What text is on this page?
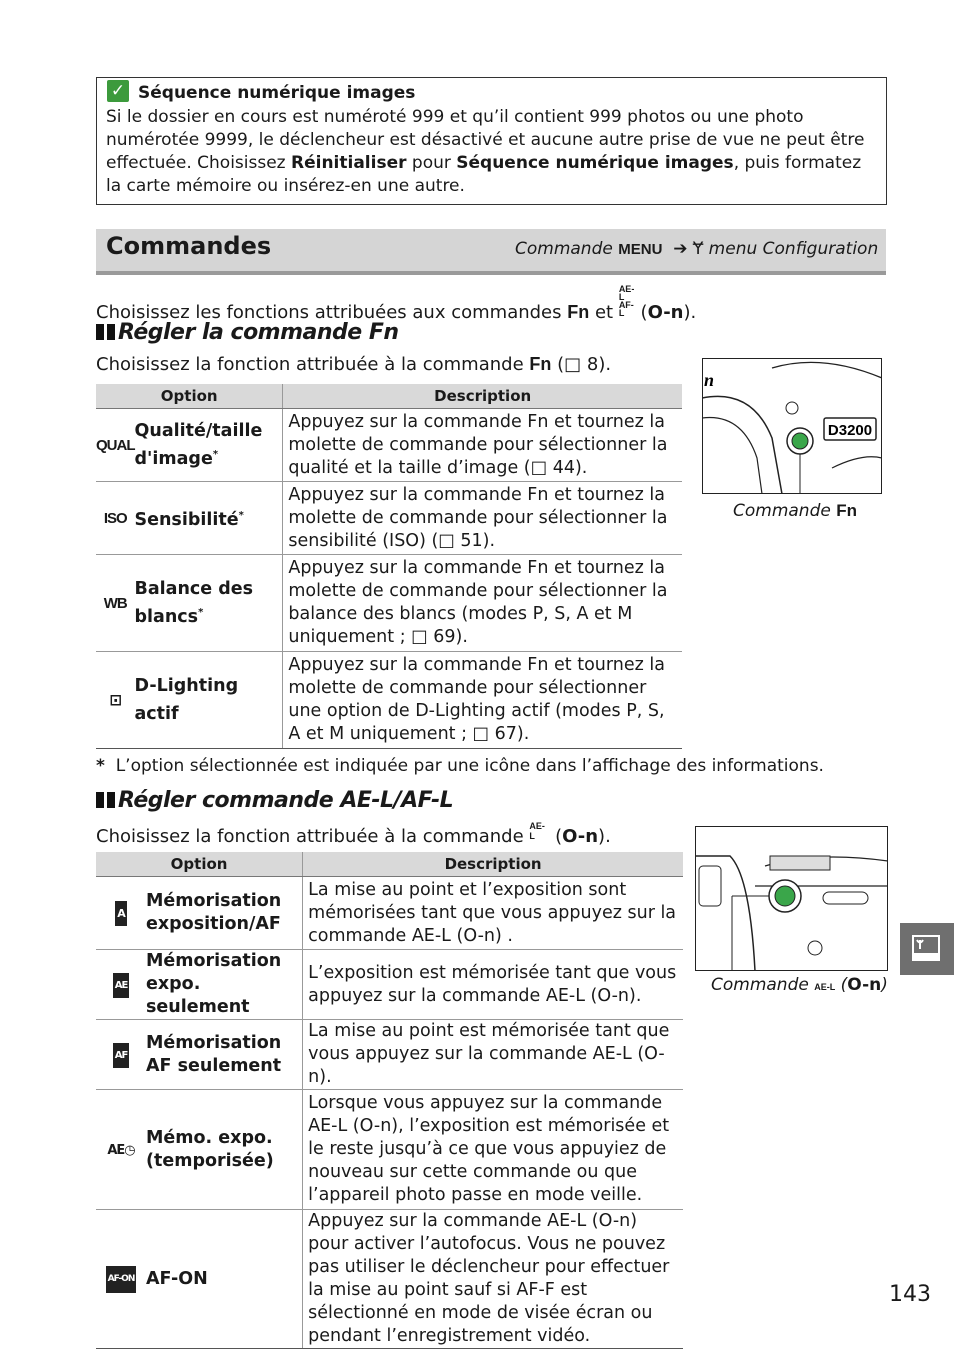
✓ Séquence numérique images
Si le dossier en cours est numéroté 999 et qu’il contient 999 photos ou une photo numérotée 9999, le déclencheur est désactivé et aucune autre prise de vue ne peut être effectuée. Choisissez Réinitialiser pour Séquence numérique images, puis formatez la carte mémoire ou insérez-en une autre.
Commandes	Commande MENU ➔ Ɏ menu Configuration
Choisissez les fonctions attribuées aux commandes Fn et AE-L AF-L (O-n).
Régler la commande Fn
Choisissez la fonction attribuée à la commande Fn (□ 8).
Option		Description
QUAL	Qualité/taille d'image*	Appuyez sur la commande Fn et tournez la molette de commande pour sélectionner la qualité et la taille d’image (□ 44).
ISO	Sensibilité*	Appuyez sur la commande Fn et tournez la molette de commande pour sélectionner la sensibilité (ISO) (□ 51).
WB	Balance des blancs*	Appuyez sur la commande Fn et tournez la molette de commande pour sélectionner la balance des blancs (modes P, S, A et M uniquement ; □ 69).
⊡	D-Lighting actif	Appuyez sur la commande Fn et tournez la molette de commande pour sélectionner une option de D-Lighting actif (modes P, S, A et M uniquement ; □ 67).
* L’option sélectionnée est indiquée par une icône dans l’affichage des informations.
D3200
n
Commande Fn
Régler commande AE-L/AF-L
Choisissez la fonction attribuée à la commande AE-L (O-n).
Option		Description
A	Mémorisation exposition/AF	La mise au point et l’exposition sont mémorisées tant que vous appuyez sur la commande AE-L (O-n) .
AE	Mémorisation expo. seulement	L’exposition est mémorisée tant que vous appuyez sur la commande AE-L (O-n).
AF	Mémorisation AF seulement	La mise au point est mémorisée tant que vous appuyez sur la commande AE-L (O-n).
AE◷	Mémo. expo. (temporisée)	Lorsque vous appuyez sur la commande AE-L (O-n), l’exposition est mémorisée et le reste jusqu’à ce que vous appuyiez de nouveau sur cette commande ou que l’appareil photo passe en mode veille.
AF-ON	AF-ON	Appuyez sur la commande AE-L (O-n) pour activer l’autofocus. Vous ne pouvez pas utiliser le déclencheur pour effectuer la mise au point sauf si AF-F est sélectionné en mode de visée écran ou pendant l’enregistrement vidéo.
Commande AE-L (O-n)
143
